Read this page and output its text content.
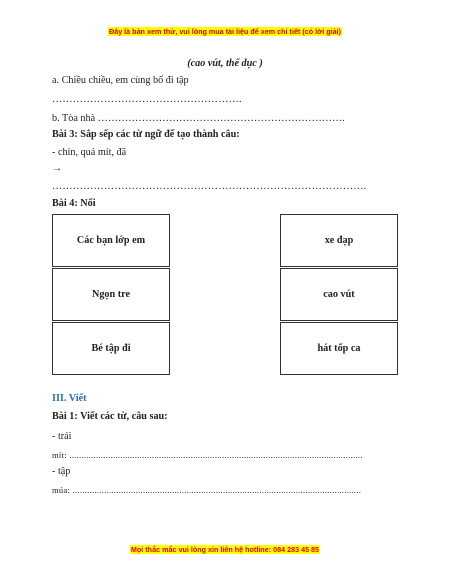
Đây là bản xem thử, vui lòng mua tài liệu để xem chi tiết (có lời giải)
(cao vút, thể dục )
a. Chiều chiều, em cùng bố đi tập
……………………………………………….
b. Tòa nhà ……………………………………………………………….
Bài 3: Sắp sếp các từ ngữ để tạo thành câu:
- chín, quả mít, đã
→
……………………………………………………………………………….
Bài 4: Nối
Các bạn lớp em
Ngọn tre
Bé tập đi
xe đạp
cao vút
hát tốp ca
III. Viết
Bài 1: Viết các từ, câu sau:
- trái
mít: .........................................................................................................................
- tập
múa: .......................................................................................................................
Mọi thắc mắc vui lòng xin liên hệ hotline: 084 283 45 85
